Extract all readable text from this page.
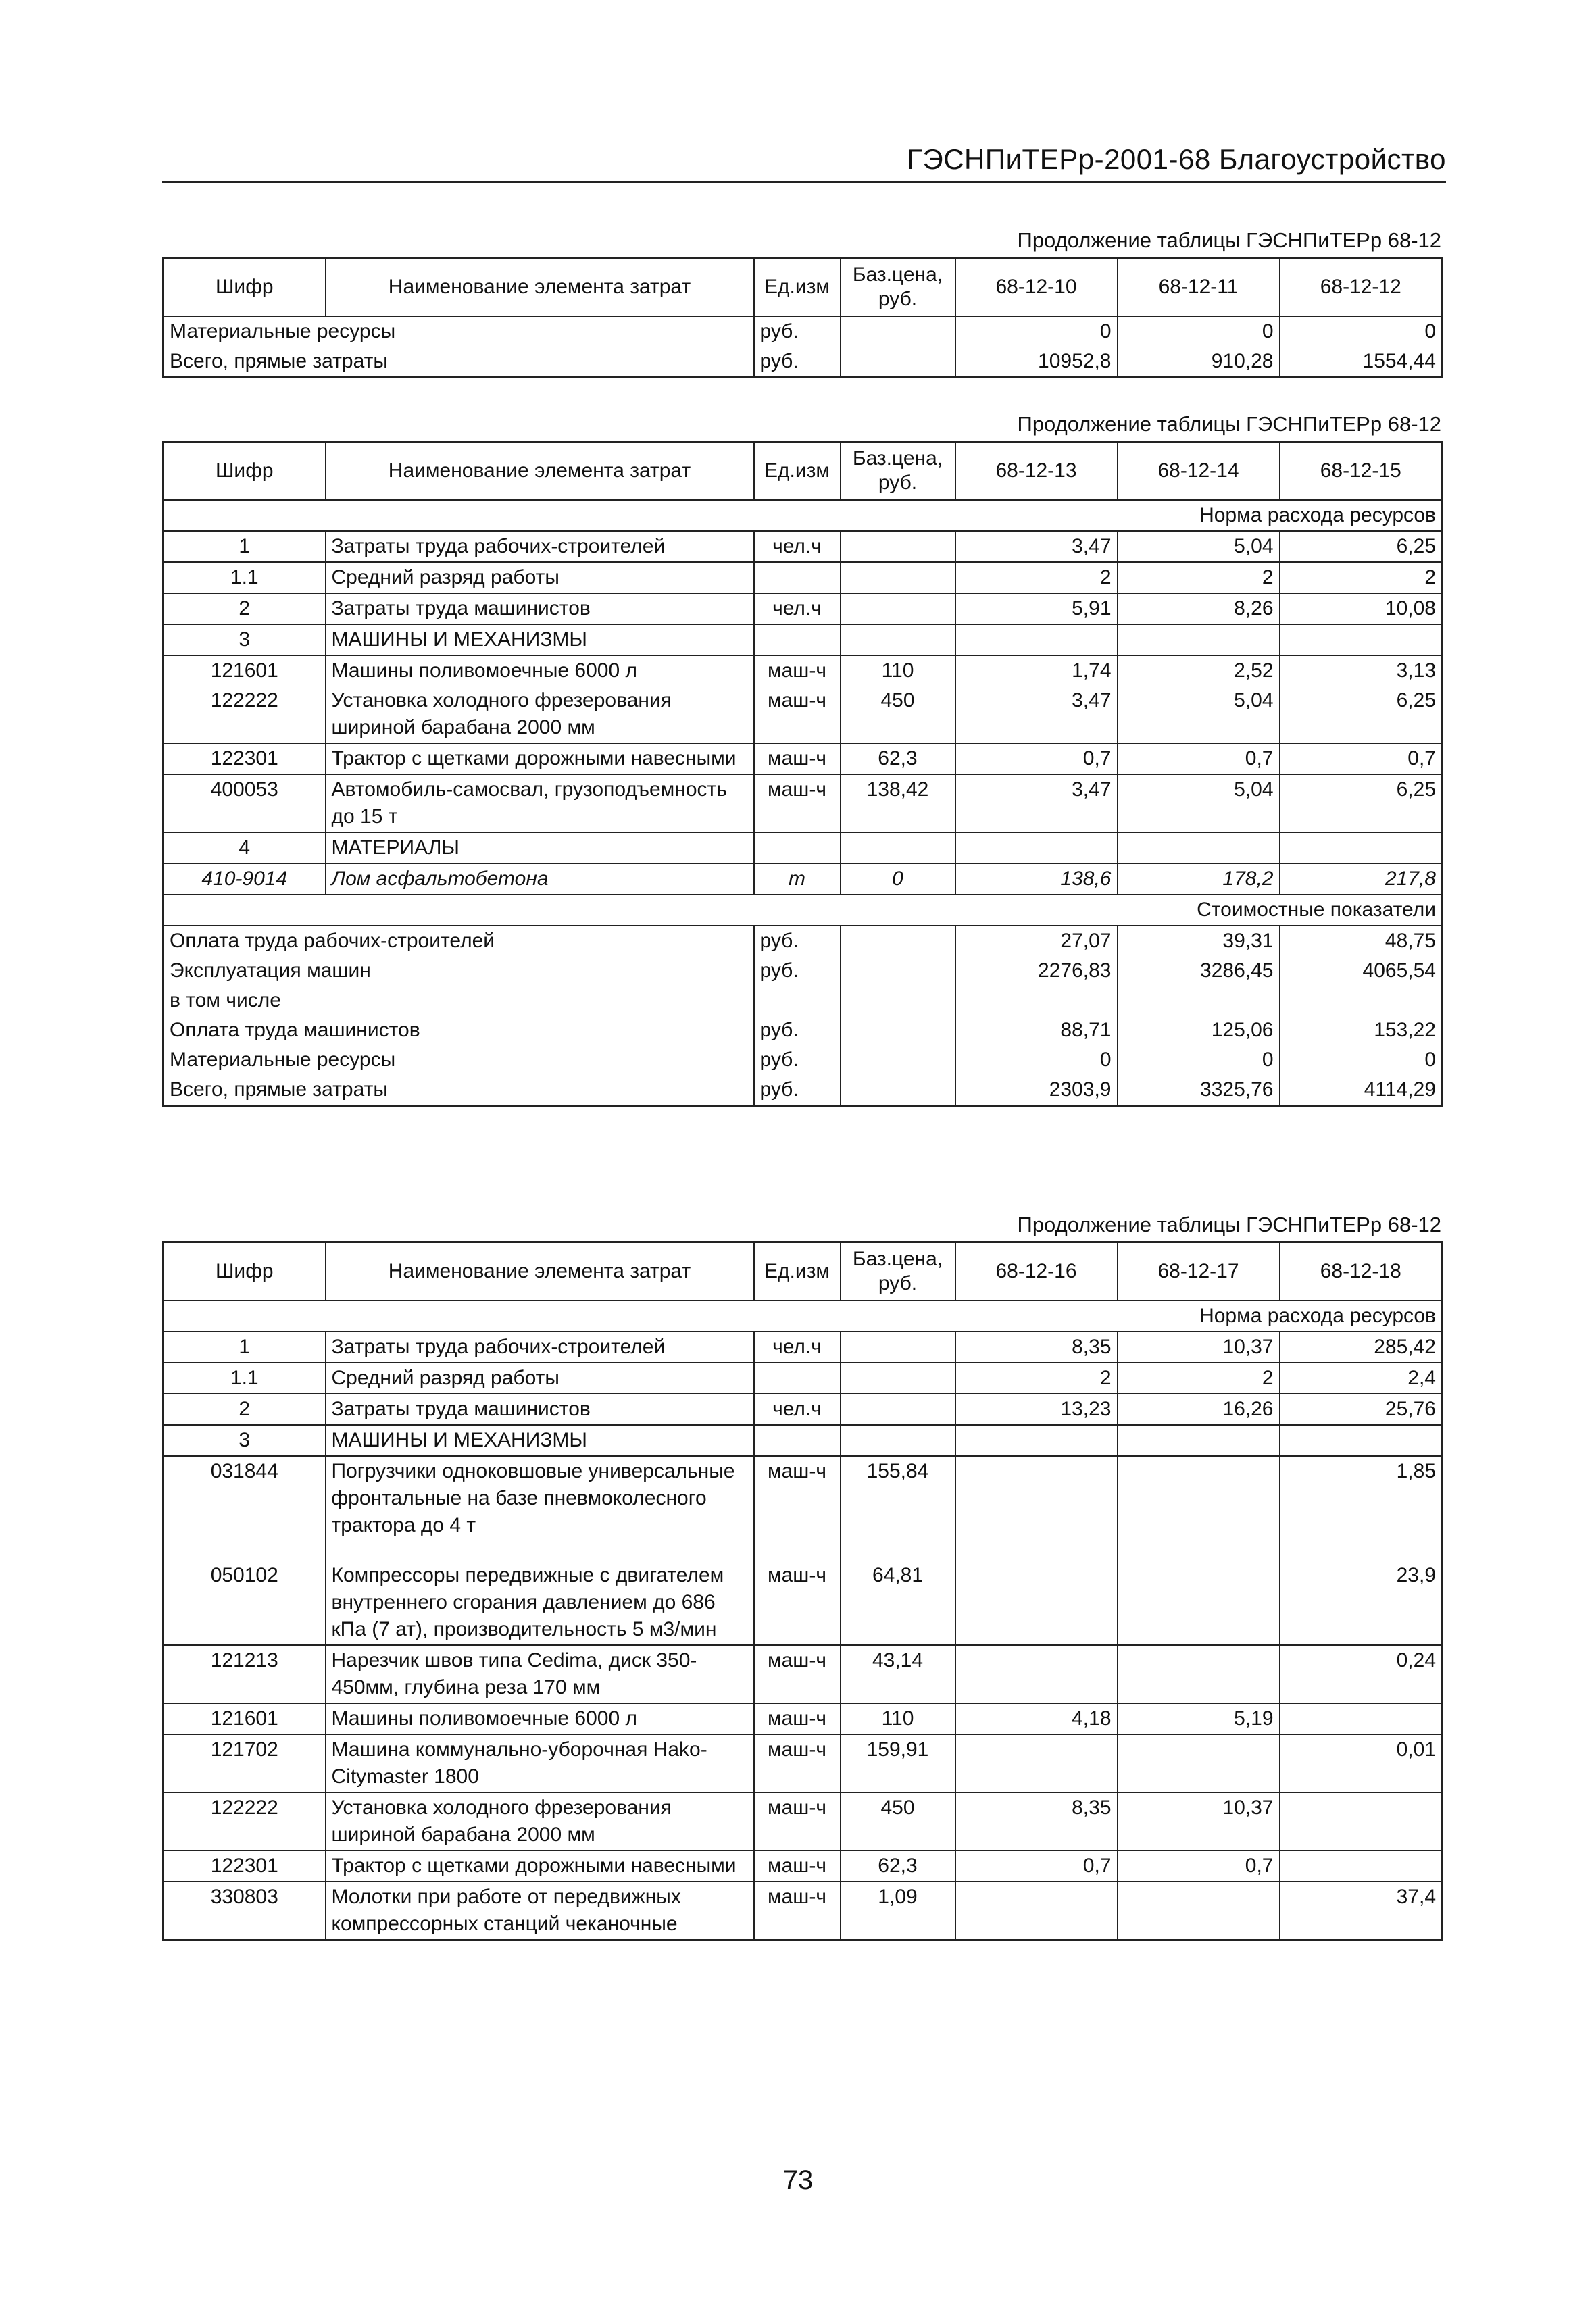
ГЭСНПиТЕРр-2001-68 Благоустройство
Продолжение таблицы ГЭСНПиТЕРр 68-12
Шифр	Наименование элемента затрат	Ед.изм	Баз.цена, руб.	68-12-10	68-12-11	68-12-12
Материальные ресурсы		руб.		0	0	0
Всего, прямые затраты		руб.		10952,8	910,28	1554,44
Продолжение таблицы ГЭСНПиТЕРр 68-12
Шифр	Наименование элемента затрат	Ед.изм	Баз.цена, руб.	68-12-13	68-12-14	68-12-15
Норма расхода ресурсов						
1	Затраты труда рабочих-строителей	чел.ч		3,47	5,04	6,25
1.1	Средний разряд работы			2	2	2
2	Затраты труда машинистов	чел.ч		5,91	8,26	10,08
3	МАШИНЫ И МЕХАНИЗМЫ					
121601	Машины поливомоечные 6000 л	маш-ч	110	1,74	2,52	3,13
122222	Установка холодного фрезерования шириной барабана 2000 мм	маш-ч	450	3,47	5,04	6,25
122301	Трактор с щетками дорожными навесными	маш-ч	62,3	0,7	0,7	0,7
400053	Автомобиль-самосвал, грузоподъемность до 15 т	маш-ч	138,42	3,47	5,04	6,25
4	МАТЕРИАЛЫ					
410-9014	Лом асфальтобетона	т	0	138,6	178,2	217,8
Стоимостные показатели						
Оплата труда рабочих-строителей		руб.		27,07	39,31	48,75
Эксплуатация машин		руб.		2276,83	3286,45	4065,54
в том числе						
Оплата труда машинистов		руб.		88,71	125,06	153,22
Материальные ресурсы		руб.		0	0	0
Всего, прямые затраты		руб.		2303,9	3325,76	4114,29
Продолжение таблицы ГЭСНПиТЕРр 68-12
Шифр	Наименование элемента затрат	Ед.изм	Баз.цена, руб.	68-12-16	68-12-17	68-12-18
Норма расхода ресурсов						
1	Затраты труда рабочих-строителей	чел.ч		8,35	10,37	285,42
1.1	Средний разряд работы			2	2	2,4
2	Затраты труда машинистов	чел.ч		13,23	16,26	25,76
3	МАШИНЫ И МЕХАНИЗМЫ					
031844	Погрузчики одноковшовые универсальные фронтальные на базе пневмоколесного трактора до 4 т	маш-ч	155,84			1,85
050102	Компрессоры передвижные с двигателем внутреннего сгорания давлением до 686 кПа (7 ат), производительность 5 м3/мин	маш-ч	64,81			23,9
121213	Нарезчик швов типа Cedima, диск 350-450мм, глубина реза 170 мм	маш-ч	43,14			0,24
121601	Машины поливомоечные 6000 л	маш-ч	110	4,18	5,19	
121702	Машина коммунально-уборочная Hako-Citymaster 1800	маш-ч	159,91			0,01
122222	Установка холодного фрезерования шириной барабана 2000 мм	маш-ч	450	8,35	10,37	
122301	Трактор с щетками дорожными навесными	маш-ч	62,3	0,7	0,7	
330803	Молотки при работе от передвижных компрессорных станций чеканочные	маш-ч	1,09			37,4
73
